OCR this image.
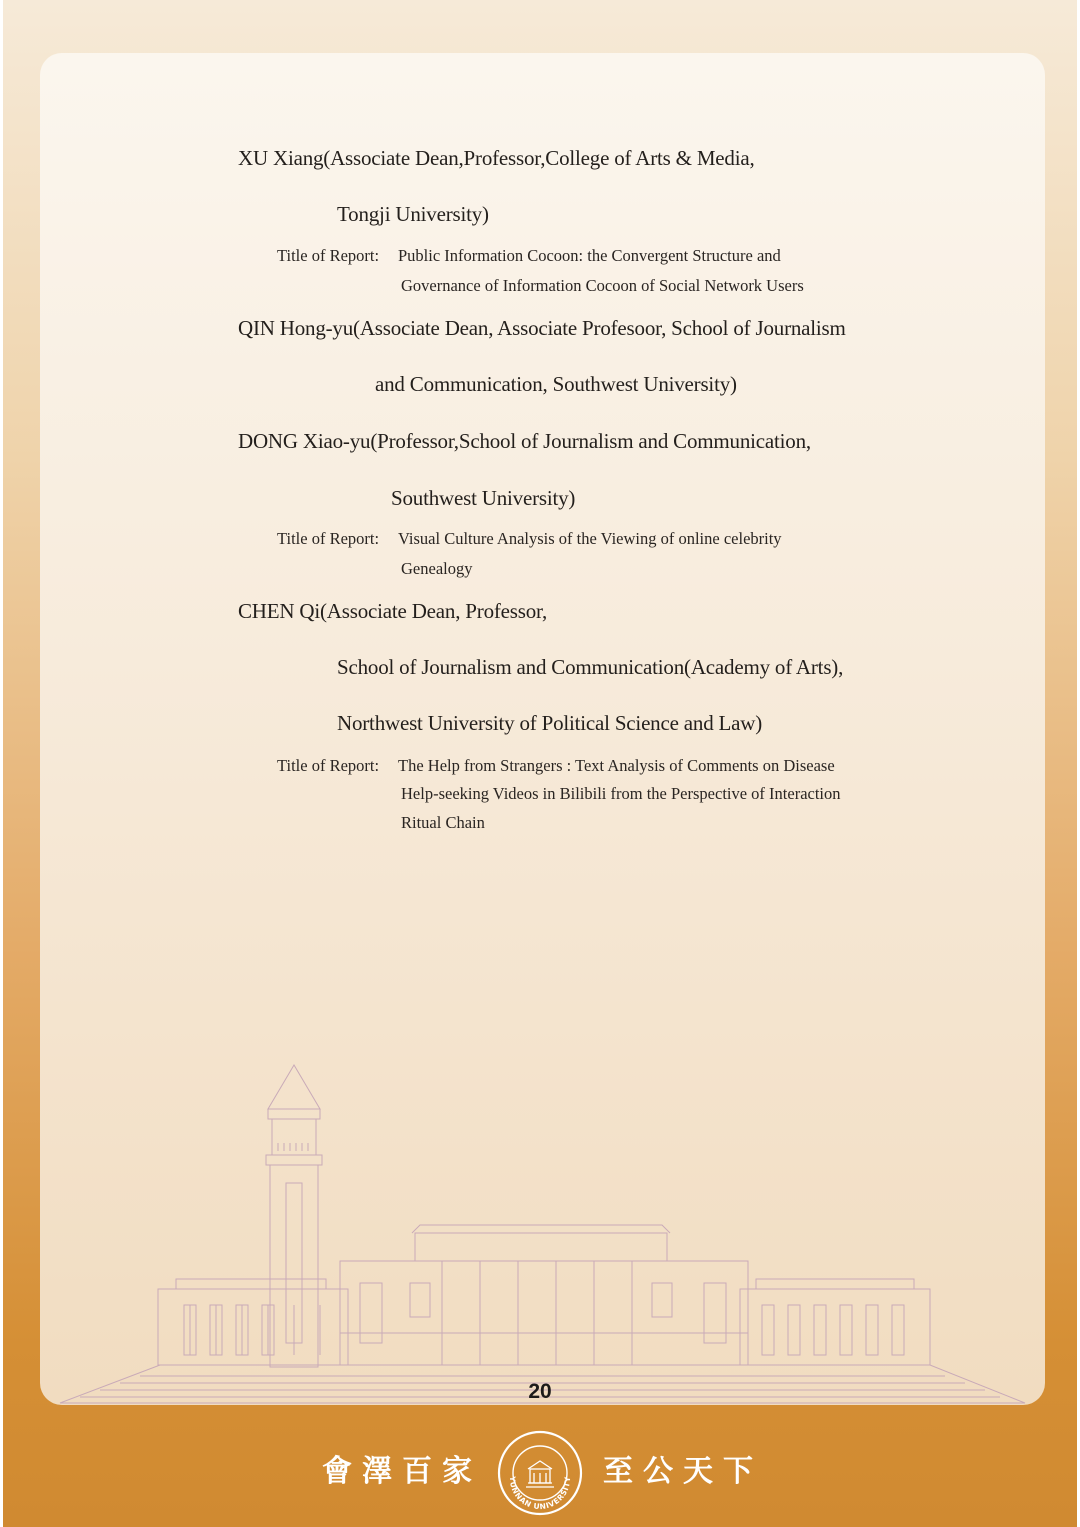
XU Xiang(Associate Dean,Professor,College of Arts & Media,
Tongji University)
Title of Report: Public Information Cocoon: the Convergent Structure and
Governance of Information Cocoon of Social Network Users
QIN Hong-yu(Associate Dean, Associate Profesoor, School of Journalism
and Communication, Southwest University)
DONG Xiao-yu(Professor,School of Journalism and Communication,
Southwest University)
Title of Report: Visual Culture Analysis of the Viewing of online celebrity
Genealogy
CHEN Qi(Associate Dean, Professor,
School of Journalism and Communication(Academy of Arts),
Northwest University of Political Science and Law)
Title of Report: The Help from Strangers : Text Analysis of Comments on Disease
Help-seeking Videos in Bilibili from the Perspective of Interaction
Ritual Chain
20
會澤百家	YUNNAN UNIVERSITY 至公天下
